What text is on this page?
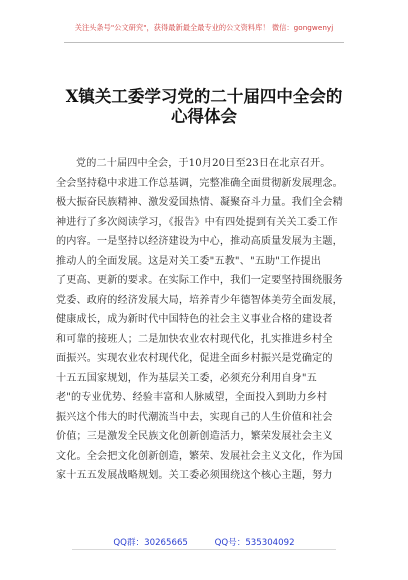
关注头条号"公文研究"，获得最新最全最专业的公文资料库！ 微信：gongwenyj
X镇关工委学习党的二十届四中全会的
心得体会
党的二十届四中全会，于10月20日至23日在北京召开。
全会坚持稳中求进工作总基调，完整准确全面贯彻新发展理念。
极大振奋民族精神、激发爱国热情、凝聚奋斗力量。我们全会精
神进行了多次阅读学习，《报告》中有四处提到有关关工委工作
的内容。一是坚持以经济建设为中心，推动高质量发展为主题，
推动人的全面发展。这是对关工委"五教"、"五助"工作提出
了更高、更新的要求。在实际工作中，我们一定要坚持围绕服务
党委、政府的经济发展大局，培养青少年德智体美劳全面发展，
健康成长，成为新时代中国特色的社会主义事业合格的建设者
和可靠的接班人；二是加快农业农村现代化，扎实推进乡村全
面振兴。实现农业农村现代化，促进全面乡村振兴是党确定的
十五五国家规划，作为基层关工委，必须充分利用自身"五
老"的专业优势、经验丰富和人脉威望，全面投入到助力乡村
振兴这个伟大的时代潮流当中去，实现自己的人生价值和社会
价值；三是激发全民族文化创新创造活力，繁荣发展社会主义
文化。全会把文化创新创造，繁荣、发展社会主义文化，作为国
家十五五发展战略规划。关工委必须围绕这个核心主题，努力
QQ群：30265665	QQ号：535304092
